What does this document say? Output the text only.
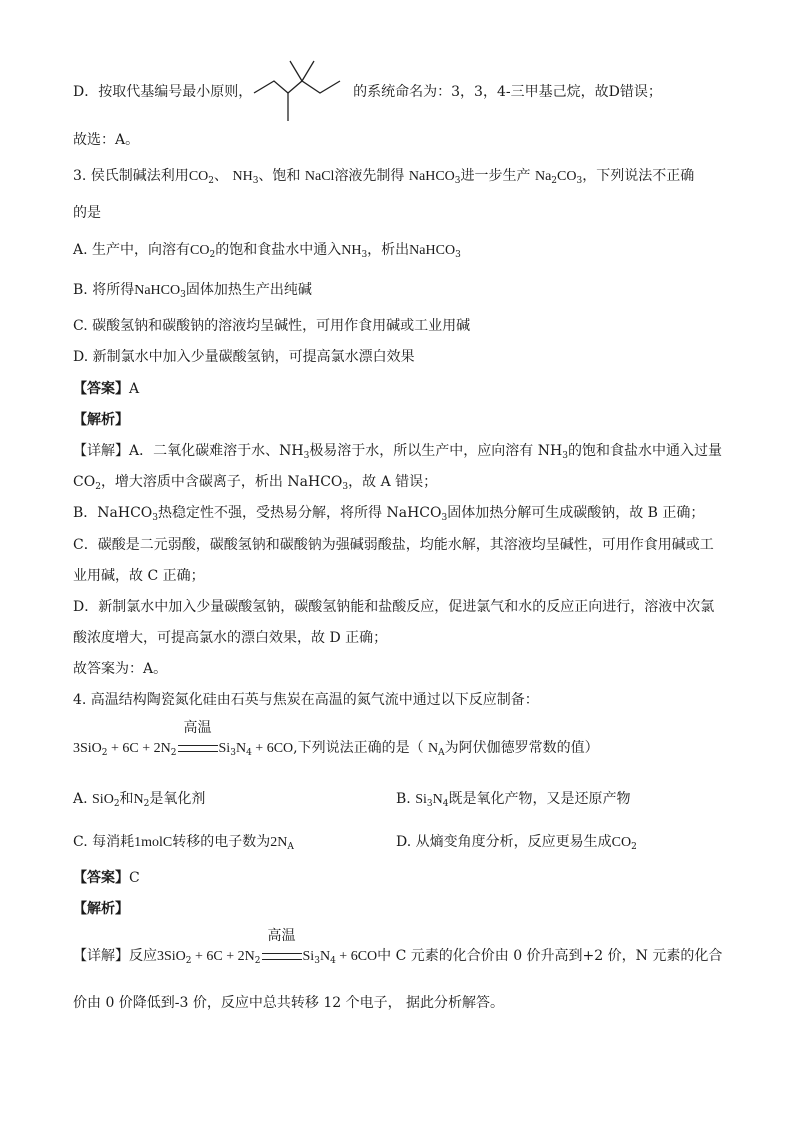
D．按取代基编号最小原则，	的系统命名为：3，3，4-三甲基己烷，故D错误；
故选：A。
3. 侯氏制碱法利用$CO_2$、 $NH_3$、饱和 NaCl溶液先制得 NaHCO$_3$进一步生产 $Na_2CO_3$，下列说法不正确
的是
A. 生产中，向溶有$CO_2$的饱和食盐水中通入$NH_3$，析出NaHCO$_3$
B. 将所得NaHCO$_3$固体加热生产出纯碱
C. 碳酸氢钠和碳酸钠的溶液均呈碱性，可用作食用碱或工业用碱
D. 新制氯水中加入少量碳酸氢钠，可提高氯水漂白效果
【答案】A
【解析】
【详解】A．二氧化碳难溶于水、$NH_3$极易溶于水，所以生产中，应向溶有 $NH_3$的饱和食盐水中通入过量
$CO_2$，增大溶质中含碳离子，析出 NaHCO$_3$，故 A 错误；
B．NaHCO$_3$热稳定性不强，受热易分解，将所得 NaHCO$_3$固体加热分解可生成碳酸钠，故 B 正确；
C．碳酸是二元弱酸，碳酸氢钠和碳酸钠为强碱弱酸盐，均能水解，其溶液均呈碱性，可用作食用碱或工
业用碱，故 C 正确；
D．新制氯水中加入少量碳酸氢钠，碳酸氢钠能和盐酸反应，促进氯气和水的反应正向进行，溶液中次氯
酸浓度增大，可提高氯水的漂白效果，故 D 正确；
故答案为：A。
4. 高温结构陶瓷氮化硅由石英与焦炭在高温的氮气流中通过以下反应制备：
$3SiO_2 + 6C + 2N_2$
高温
$Si_3N_4 + 6CO$,下列说法正确的是（ $N_A$为阿伏伽德罗常数的值）
A. SiO$_2$和$N_2$是氧化剂	B. $Si_3N_4$既是氧化产物，又是还原产物
C. 每消耗1molC转移的电子数为$2N_A$	D. 从熵变角度分析，反应更易生成$CO_2$
【答案】C
【解析】
【详解】反应$3SiO_2 + 6C + 2N_2$
高温
$Si_3N_4 + 6CO$中 C 元素的化合价由 0 价升高到+2 价，N 元素的化合
价由 0 价降低到-3 价，反应中总共转移 12 个电子， 据此分析解答。
